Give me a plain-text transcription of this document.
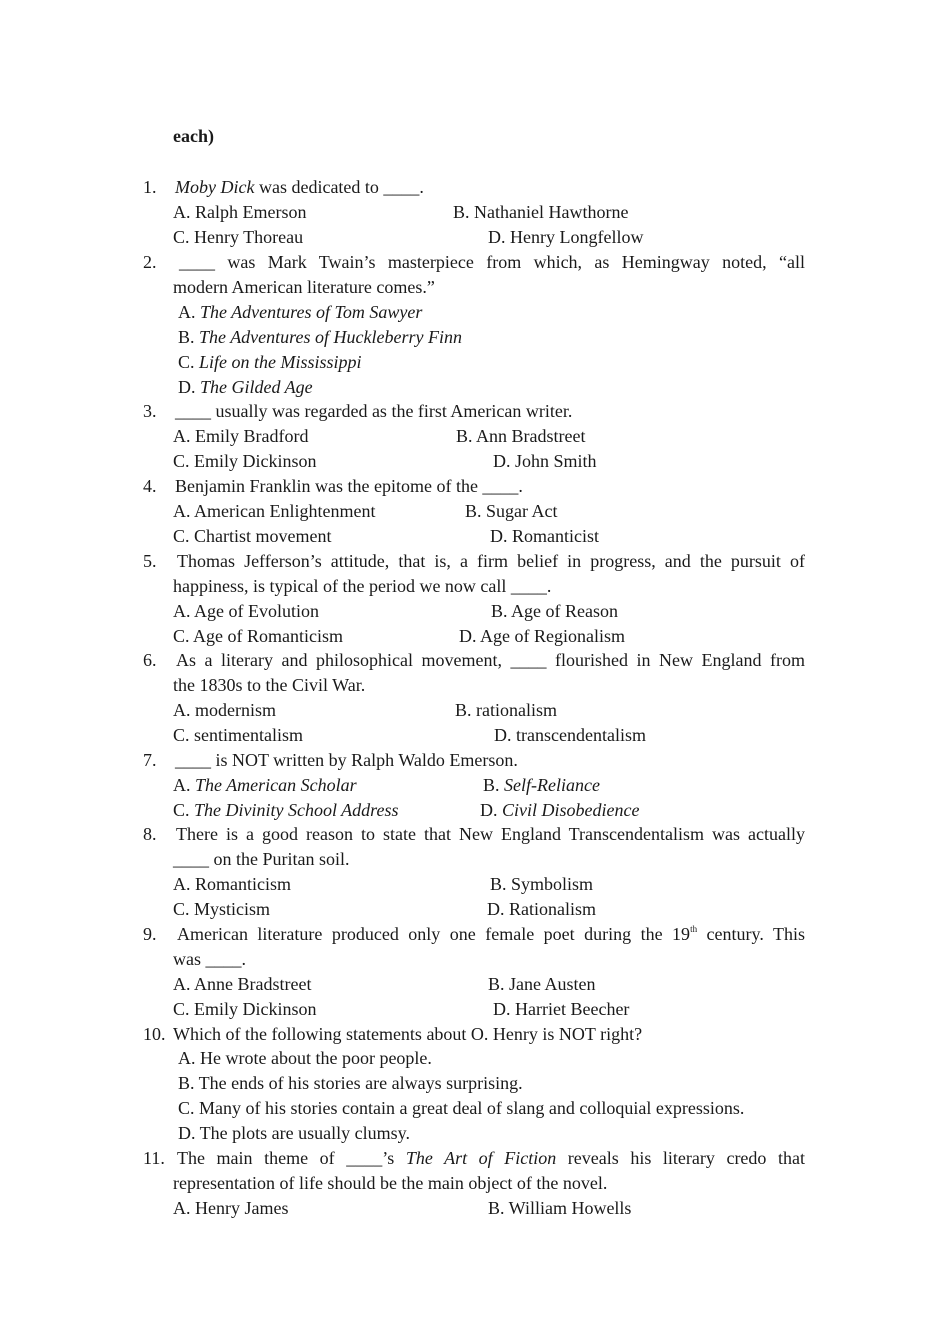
each)
1. Moby Dick was dedicated to ____.
A. Ralph Emerson	B. Nathaniel Hawthorne
C. Henry Thoreau	D. Henry Longfellow
2. ____ was Mark Twain’s masterpiece from which, as Hemingway noted, “all
modern American literature comes.”
A. The Adventures of Tom Sawyer
B. The Adventures of Huckleberry Finn
C. Life on the Mississippi
D. The Gilded Age
3. ____ usually was regarded as the first American writer.
A. Emily Bradford	B. Ann Bradstreet
C. Emily Dickinson	D. John Smith
4. Benjamin Franklin was the epitome of the ____.
A. American Enlightenment	B. Sugar Act
C. Chartist movement	D. Romanticist
5. Thomas Jefferson’s attitude, that is, a firm belief in progress, and the pursuit of
happiness, is typical of the period we now call ____.
A. Age of Evolution	B. Age of Reason
C. Age of Romanticism	D. Age of Regionalism
6. As a literary and philosophical movement, ____ flourished in New England from
the 1830s to the Civil War.
A. modernism	B. rationalism
C. sentimentalism	D. transcendentalism
7. ____ is NOT written by Ralph Waldo Emerson.
A. The American Scholar	B. Self-Reliance
C. The Divinity School Address	D. Civil Disobedience
8. There is a good reason to state that New England Transcendentalism was actually
____ on the Puritan soil.
A. Romanticism	B. Symbolism
C. Mysticism	D. Rationalism
9. American literature produced only one female poet during the 19th century. This
was ____.
A. Anne Bradstreet	B. Jane Austen
C. Emily Dickinson	D. Harriet Beecher
10. Which of the following statements about O. Henry is NOT right?
A. He wrote about the poor people.
B. The ends of his stories are always surprising.
C. Many of his stories contain a great deal of slang and colloquial expressions.
D. The plots are usually clumsy.
11. The main theme of ____’s The Art of Fiction reveals his literary credo that
representation of life should be the main object of the novel.
A. Henry James	B. William Howells
